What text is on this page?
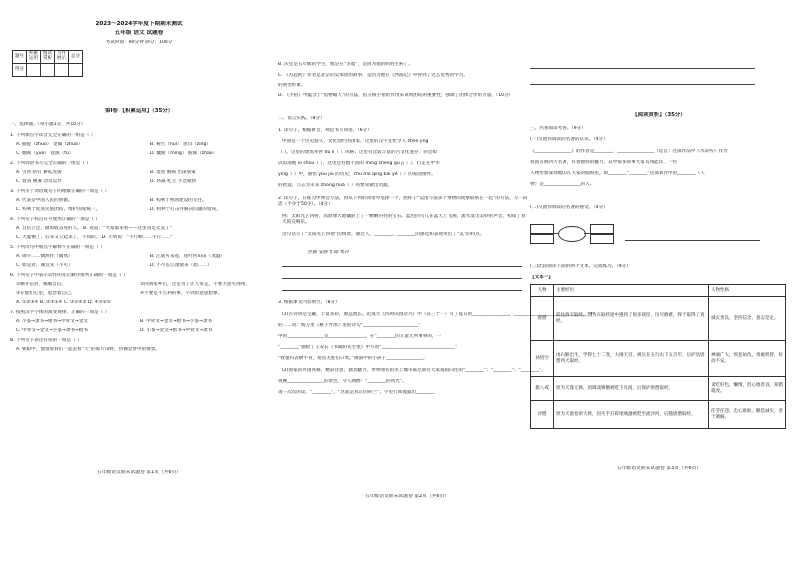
2023～2024学年度下期期末测试
五年级 语文 试题卷
考试时间：90分钟 满分：100分
题号	积累运用	阅读赏析	习作展示	总分
得分				
第Ⅰ卷 【积累运用】（35分）
一、选择题。（每小题1分，共10分）
1. 下列加点字读音完全正确的一组是（ ）
A. 捕捉（zhuō） 金镯（zhuó）	B. 祷告（huǐ） 惩罚（zǐng）
C. 翻阅（yuè） 抚摸（fǔ）	D. 麋鹿（míng） 熊熊（zhāo）
2. 下列词语书写完全正确的一组是（ ）
A. 引咎 斩钉 耕耘先铸	B. 遥望 嬉闹 出谋划策
C. 督查 刚兼 动员运作	D. 将减 屹立 手急眼快
3. 下列关于词语或句子的理解正确的一项是（ ）
A. 代表是中国人民的骄傲。	B. 构利于祖国建设的交往。
C. 构利于促进民族团结，维护国家统一。	D. 构利于打击并解决问题的错误。
4. 下列句子标点符号使用正确的一项是（ ）
A. 自信立足，做勇敢奋进的人。 B. 说道：“大家都来看——这里真是太美了”
C. 大厦倒了，后来又立起来了，不同的。 D. 小明说：“不行啊……不行……”
5. 下列诗句中加点字解释不正确的一项是（ ）
A. 锦字……偶然作（偶然）	B. 江南可采莲，莲叶何田田（茂盛）
C. 如是者，诚宜先（不可）	D. 不尽长江滚滚来（指……）
6. 下列句子中表示动作的先后顺序排列正确的一项是（ ）
①撕开信封，佩服自信。	②回到家乡后，这是为了让人带走，不要大意失荆州。
③在他们心里，思念着自己。	④不要是不吉利的事，字词的意思想象。
A. ①②③④ B. ②③①④ C. ③①④② D. ④③②①
7. 按照汉字字体的演变规律，正确的一项是（ ）
A. 小篆→隶书→楷书→甲骨文→金文	B. 甲骨文→金文→楷书→小篆→隶书
C. 甲骨文→金文→小篆→隶书→楷书	D. 小篆→金文→楷书→甲骨文→隶书
8. 下列句子表达有误的一项是（ ）
A. 朝阳中，他领着我们一起去看“天”的那片田野，仿佛是梦中的情景。
五年级语文期末试题卷 第1页（共6页）
B. 沃克是五年级的学生，他是在“圣诞”，是因为他的妈妈生病了。
C. 《苏起阿》作者是北京的吴承恩的故事，是因为他在《西游记》中得到了这么优秀的学习。
的典型形象。
D. 《手指》中蕴含了“借物喻人”的写法，借五根手指的作用来说明团结的重要性，强调了团体合作的力量。（10分）
二、语言实践。（8分）
1. 读句子，根据拼音，规范书写词语。（6分）
中国是一个历史悠久，文化灿烂的国家。这里的汉字文化令人 zhèn jīng
（ ）。这里的建筑举世 dú lì（ ）风格；这里有比较丰富的古文化遗存，你会如
饥似渴地 xī shōu（ ），这里还有数不清的 míng shèng gǔ jì（ ）。行走在中华
yīng（ ）中，感悟 yōu jiǔ 的历史；chù mō qīng bái yè（ ）的家国情怀。
的智慧，立志为未来 zhōng huá（ ）的繁荣做出贡献。
2. 读句子，在练习中体会写法，再从下列的词语中选择一个，照样子“运用写法多个事物的现象联系在一起”的方法，写一段话（不少于50字）。（4分）
例：太阳光芒四射，高原像大地镶嵌上了一颗颗闪亮的宝石。蓝色的鸟儿在蓝天上飞翔，流水发出美妙的声音，构成了春天的交响乐。
这句话写了“太阳光芒四射”的情景，通过人、________、________的感觉和表现突出了“美”的特点。
热闹 安静 忙碌 寒冷
3. 根据课文内容填空。（8分）
(1)古诗词是宝藏，丰富多彩，源远流长。范成大《四时田园杂兴》中（其三十一）写了夏日的________________，________________________________”中
的……说：杨万里《稚子弄冰》里的诗句“________________________”
中的________________是________________。在“________的儿童无所事事的，一
“________”描绘了王安石《书湖阴先生壁》中写的“________________________________”
“牧童归去横牛背，短笛无腔信口吹。”画面中的小孩子________________。
(2)国家的外国风格，精彩诗意，独具魅力。世界闻名的水上城市威尼斯有大家都很向往的“________”；“________”；“________”。
夜晚________________的景色，令人陶醉：“________的风光”。
请一次次的读，“________”，“这就是真正的荷兰”；字里行间流露出________
五年级语文期末试题卷 第2页（共6页）
【阅读赏析】（35分）
三、名著阅读考查。（9分）
(一)交流你阅读的名著的认识。（4分）
《________________》的作者是________，________________（选自）这部作品中《水浒传》作为
我国古典四大名著，有着独特的魅力，其中很多故事大家耳熟能详，一些
人物形象深刻地印在大家的脑海里。如________“________”这部著作中的________（人
物）是________________的人。
(二)交流你阅读的名著的感受。（4分）
(三)比较阅读下面的两个文本，完成练习。（9分）
【文本一】
人物	主要经历	人物性格
唐僧	前往西天取经，因为在取经途中遇到了很多妖怪，历尽磨难，终于取得了真经。	诚实善良，坚持信念，意志坚定。
孙悟空	由石猴出生，学得七十二变，大闹天宫，被压在五行山下五百年，后护送唐僧西天取经。	神通广大，疾恶如仇，勇敢机智，好动不安。
猪八戒	原为天蓬元帅，因调戏嫦娥被贬下凡间，后保护唐僧取经。	贪吃好色，懒惰，但心地善良，知错就改。
沙僧	原为天庭卷帘大将，因失手打碎琉璃盏被贬至流沙河，后随唐僧取经。	任劳任怨，忠心耿耿，勤恳诚实，善于调解。
五年级语文期末试题卷 第3页（共6页）
